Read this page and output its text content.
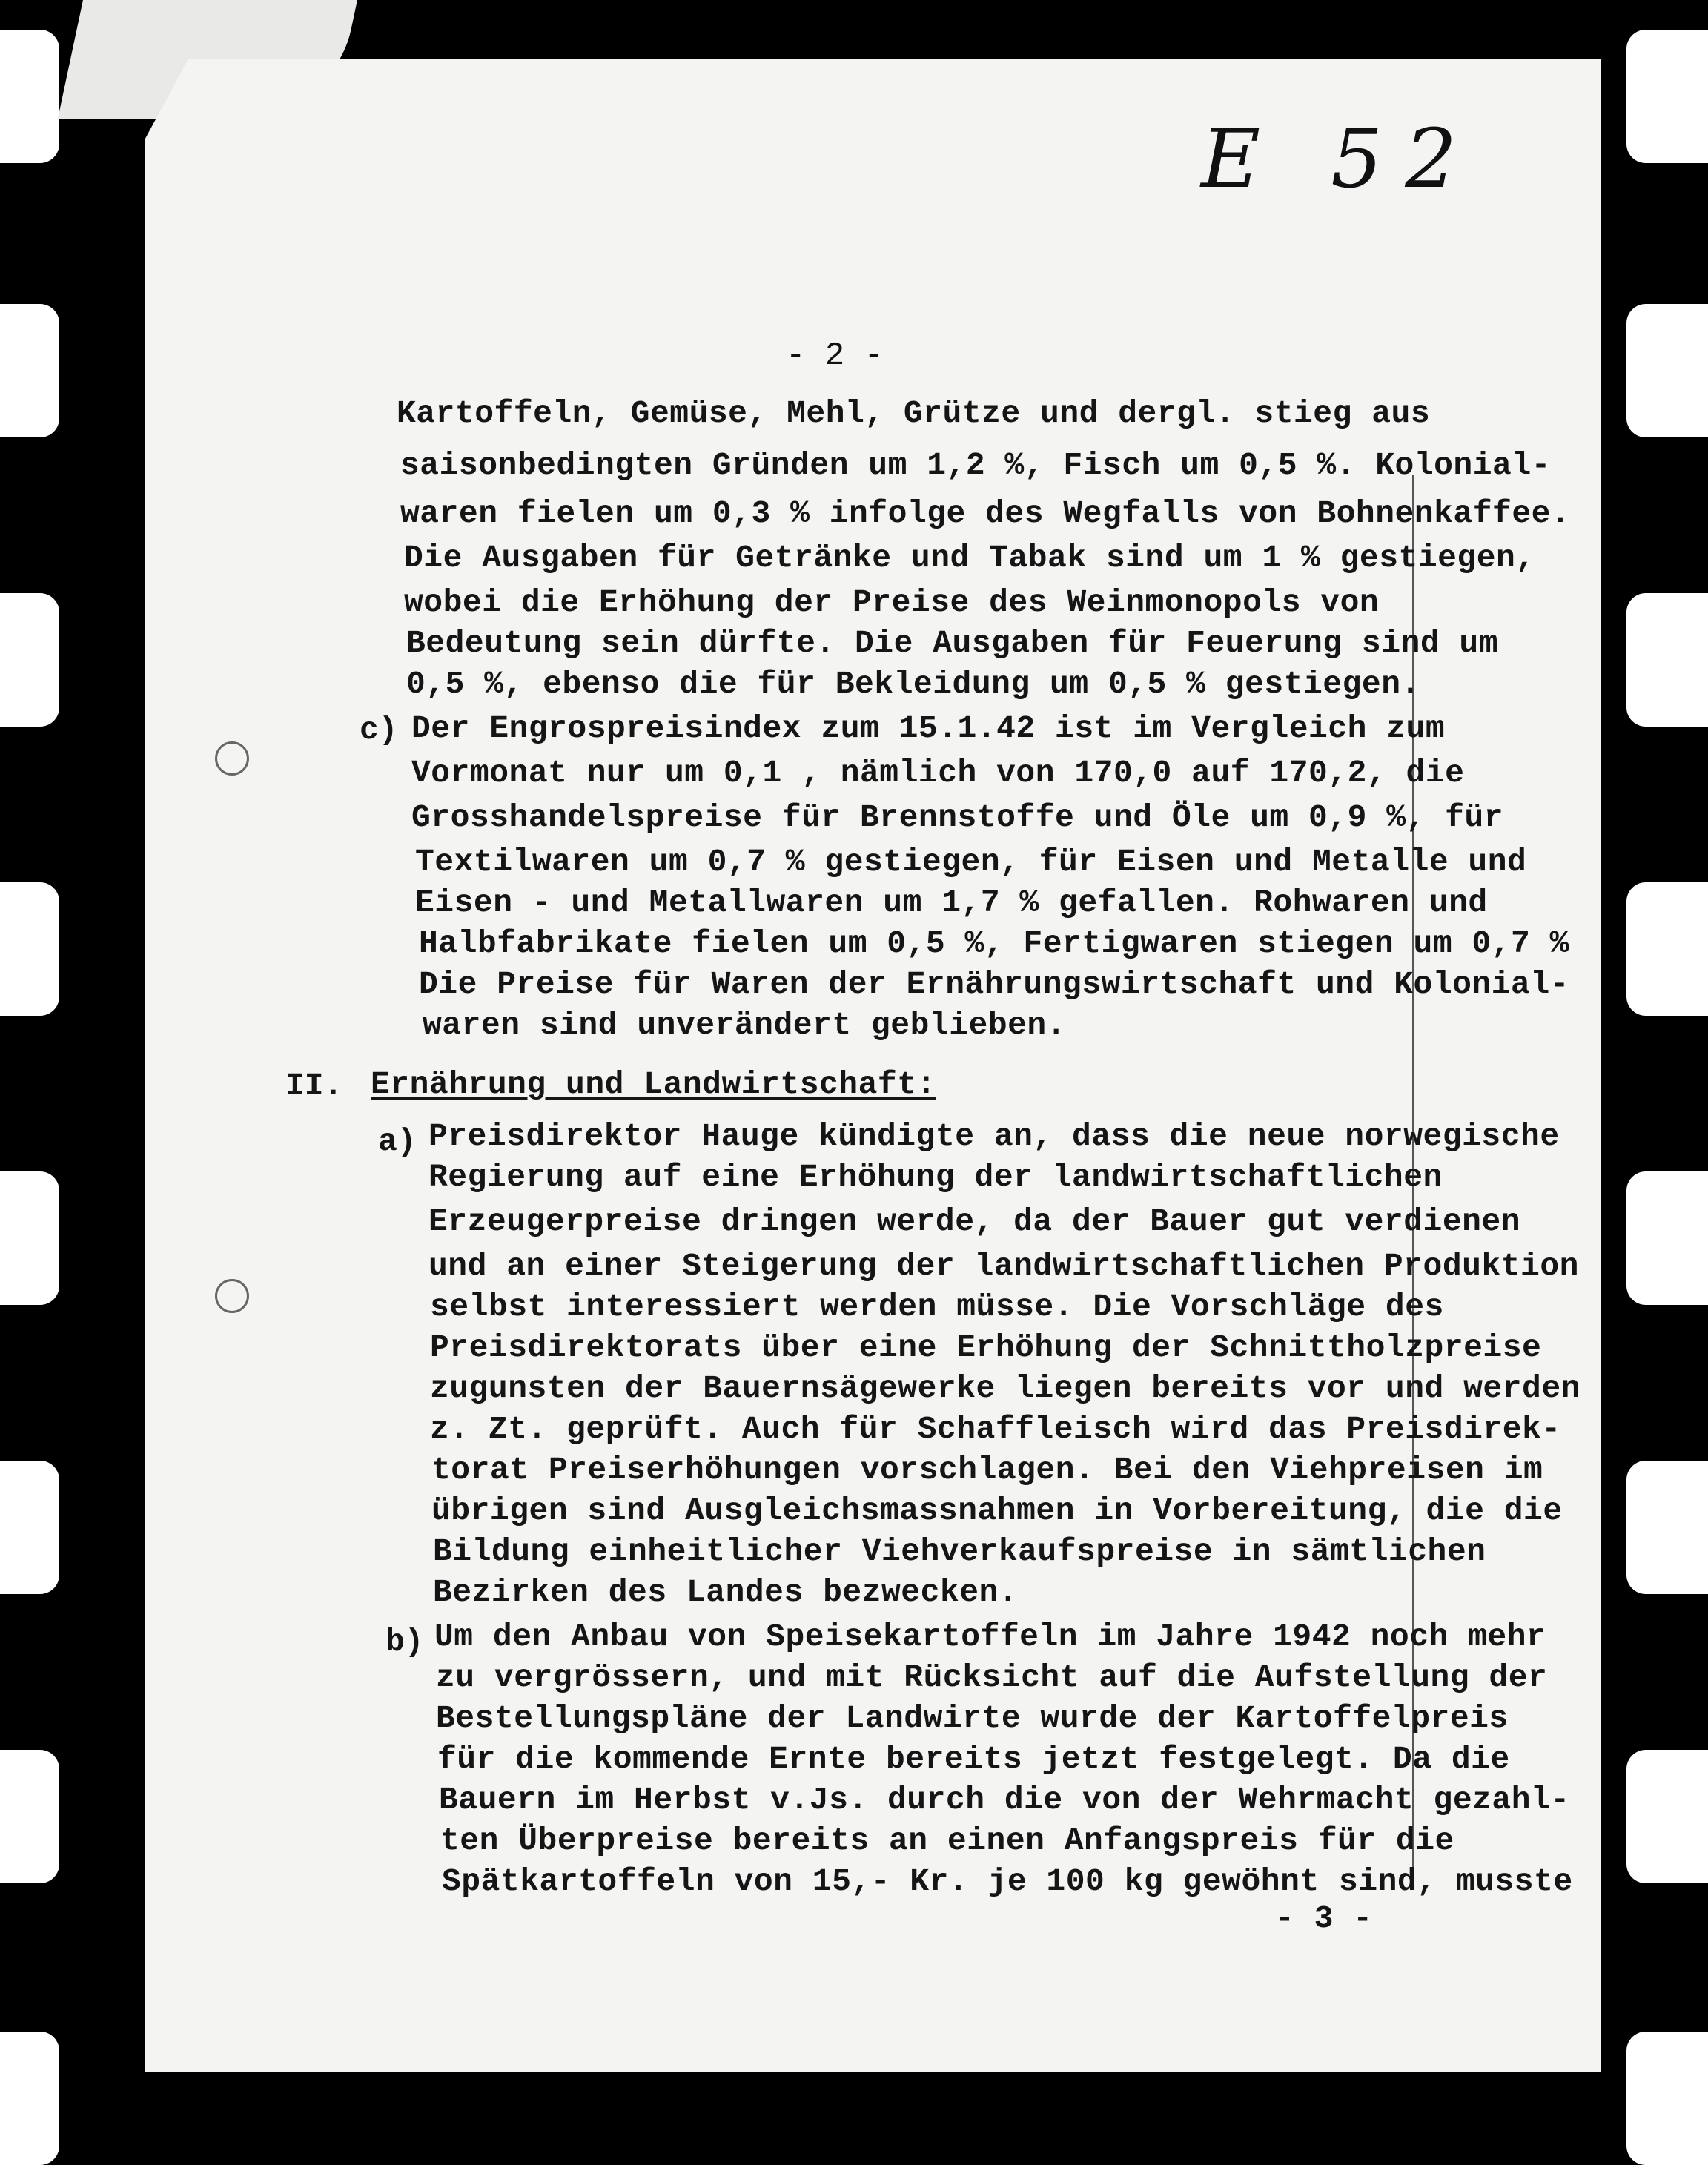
E 52
- 2 -
Kartoffeln, Gemüse, Mehl, Grütze und dergl. stieg aus
saisonbedingten Gründen um 1,2 %, Fisch um 0,5 %. Kolonial-
waren fielen um 0,3 % infolge des Wegfalls von Bohnenkaffee.
Die Ausgaben für Getränke und Tabak sind um 1 % gestiegen,
wobei die Erhöhung der Preise des Weinmonopols von
Bedeutung sein dürfte. Die Ausgaben für Feuerung sind um
0,5 %, ebenso die für Bekleidung um 0,5 % gestiegen.
c) Der Engrospreisindex zum 15.1.42 ist im Vergleich zum
Vormonat nur um 0,1 , nämlich von 170,0 auf 170,2, die
Grosshandelspreise für Brennstoffe und Öle um 0,9 %, für
Textilwaren um 0,7 % gestiegen, für Eisen und Metalle und
Eisen - und Metallwaren um 1,7 % gefallen. Rohwaren und
Halbfabrikate fielen um 0,5 %, Fertigwaren stiegen um 0,7 %
Die Preise für Waren der Ernährungswirtschaft und Kolonial-
waren sind unverändert geblieben.
II. Ernährung und Landwirtschaft:
a) Preisdirektor Hauge kündigte an, dass die neue norwegische
Regierung auf eine Erhöhung der landwirtschaftlichen
Erzeugerpreise dringen werde, da der Bauer gut verdienen
und an einer Steigerung der landwirtschaftlichen Produktion
selbst interessiert werden müsse. Die Vorschläge des
Preisdirektorats über eine Erhöhung der Schnittholzpreise
zugunsten der Bauernsägewerke liegen bereits vor und werden
z. Zt. geprüft. Auch für Schaffleisch wird das Preisdirek-
torat Preiserhöhungen vorschlagen. Bei den Viehpreisen im
übrigen sind Ausgleichsmassnahmen in Vorbereitung, die die
Bildung einheitlicher Viehverkaufspreise in sämtlichen
Bezirken des Landes bezwecken.
b) Um den Anbau von Speisekartoffeln im Jahre 1942 noch mehr
zu vergrössern, und mit Rücksicht auf die Aufstellung der
Bestellungspläne der Landwirte wurde der Kartoffelpreis
für die kommende Ernte bereits jetzt festgelegt. Da die
Bauern im Herbst v.Js. durch die von der Wehrmacht gezahl-
ten Überpreise bereits an einen Anfangspreis für die
Spätkartoffeln von 15,- Kr. je 100 kg gewöhnt sind, musste
- 3 -
